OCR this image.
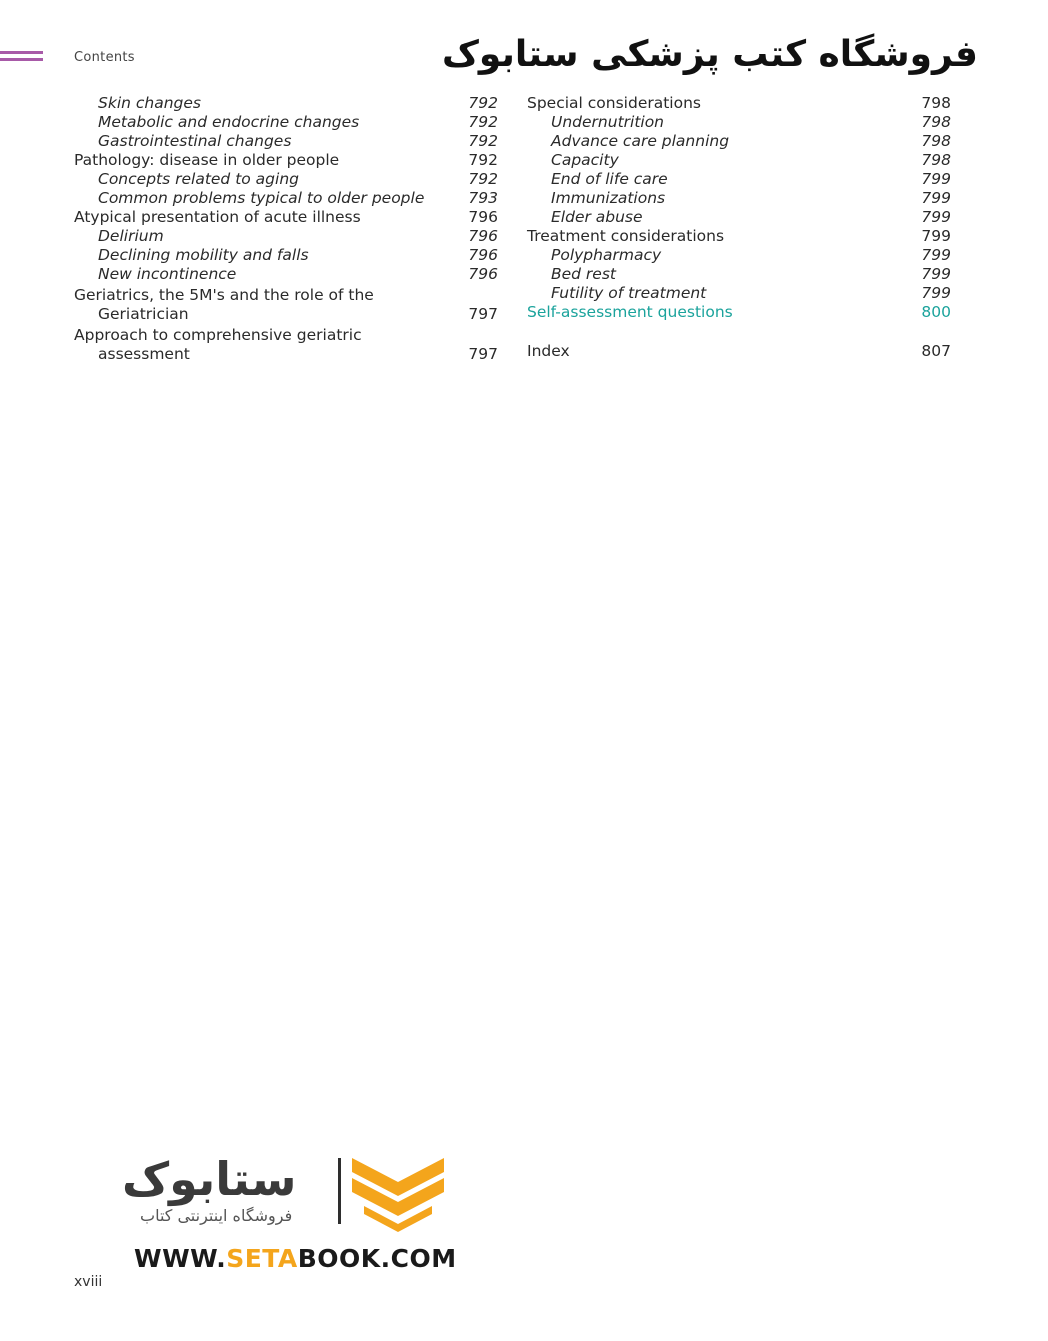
Contents	فروشگاه کتب پزشکی ستابوک
Skin changes	792
Metabolic and endocrine changes	792
Gastrointestinal changes	792
Pathology: disease in older people	792
Concepts related to aging	792
Common problems typical to older people	793
Atypical presentation of acute illness	796
Delirium	796
Declining mobility and falls	796
New incontinence	796
Geriatrics, the 5M's and the role of the
Geriatrician	797
Approach to comprehensive geriatric
assessment	797
Special considerations	798
Undernutrition	798
Advance care planning	798
Capacity	798
End of life care	799
Immunizations	799
Elder abuse	799
Treatment considerations	799
Polypharmacy	799
Bed rest	799
Futility of treatment	799
Self-assessment questions	800
Index	807
ستابوک
فروشگاه اینترنتی کتاب
WWW.SETABOOK.COM
xviii
